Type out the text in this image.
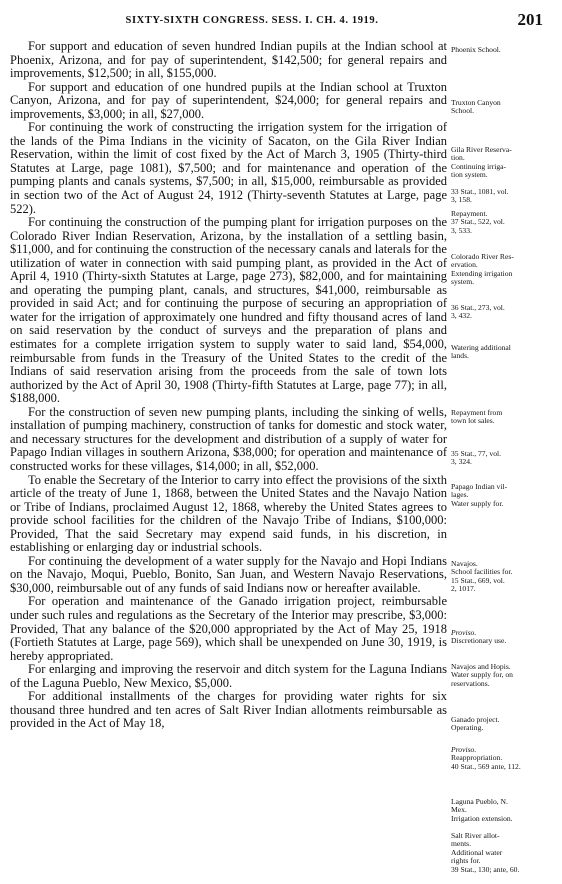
SIXTY-SIXTH CONGRESS. SESS. I. CH. 4. 1919.	201

For support and education of seven hundred Indian pupils at the Indian school at Phoenix, Arizona, and for pay of superintendent, $142,500; for general repairs and improvements, $12,500; in all, $155,000.

For support and education of one hundred pupils at the Indian school at Truxton Canyon, Arizona, and for pay of superintendent, $24,000; for general repairs and improvements, $3,000; in all, $27,000.

For continuing the work of constructing the irrigation system for the irrigation of the lands of the Pima Indians in the vicinity of Sacaton, on the Gila River Indian Reservation, within the limit of cost fixed by the Act of March 3, 1905 (Thirty-third Statutes at Large, page 1081), $7,500; and for maintenance and operation of the pumping plants and canals systems, $7,500; in all, $15,000, reimbursable as provided in section two of the Act of August 24, 1912 (Thirty-seventh Statutes at Large, page 522).

For continuing the construction of the pumping plant for irrigation purposes on the Colorado River Indian Reservation, Arizona, by the installation of a settling basin, $11,000, and for continuing the construction of the necessary canals and laterals for the utilization of water in connection with said pumping plant, as provided in the Act of April 4, 1910 (Thirty-sixth Statutes at Large, page 273), $82,000, and for maintaining and operating the pumping plant, canals, and structures, $41,000, reimbursable as provided in said Act; and for continuing the purpose of securing an appropriation of water for the irrigation of approximately one hundred and fifty thousand acres of land on said reservation by the conduct of surveys and the preparation of plans and estimates for a complete irrigation system to supply water to said land, $54,000, reimbursable from funds in the Treasury of the United States to the credit of the Indians of said reservation arising from the proceeds from the sale of town lots authorized by the Act of April 30, 1908 (Thirty-fifth Statutes at Large, page 77); in all, $188,000.

For the construction of seven new pumping plants, including the sinking of wells, installation of pumping machinery, construction of tanks for domestic and stock water, and necessary structures for the development and distribution of a supply of water for Papago Indian villages in southern Arizona, $38,000; for operation and maintenance of constructed works for these villages, $14,000; in all, $52,000.

To enable the Secretary of the Interior to carry into effect the provisions of the sixth article of the treaty of June 1, 1868, between the United States and the Navajo Nation or Tribe of Indians, proclaimed August 12, 1868, whereby the United States agrees to provide school facilities for the children of the Navajo Tribe of Indians, $100,000: Provided, That the said Secretary may expend said funds, in his discretion, in establishing or enlarging day or industrial schools.

For continuing the development of a water supply for the Navajo and Hopi Indians on the Navajo, Moqui, Pueblo, Bonito, San Juan, and Western Navajo Reservations, $30,000, reimbursable out of any funds of said Indians now or hereafter available.

For operation and maintenance of the Ganado irrigation project, reimbursable under such rules and regulations as the Secretary of the Interior may prescribe, $3,000: Provided, That any balance of the $20,000 appropriated by the Act of May 25, 1918 (Fortieth Statutes at Large, page 569), which shall be unexpended on June 30, 1919, is hereby appropriated.

For enlarging and improving the reservoir and ditch system for the Laguna Indians of the Laguna Pueblo, New Mexico, $5,000.

For additional installments of the charges for providing water rights for six thousand three hundred and ten acres of Salt River Indian allotments reimbursable as provided in the Act of May 18,

Phoenix School.
Truxton Canyon
School.
Gila River Reserva-
tion.
Continuing irriga-
tion system.
33 Stat., 1081, vol.
3, 158.
Repayment.
37 Stat., 522, vol.
3, 533.
Colorado River Res-
ervation.
Extending irrigation
system.
36 Stat., 273, vol.
3, 432.
Watering additional
lands.
Repayment from
town lot sales.
35 Stat., 77, vol.
3, 324.
Papago Indian vil-
lages.
Water supply for.
Navajos.
School facilities for.
15 Stat., 669, vol.
2, 1017.
Proviso.
Discretionary use.
Navajos and Hopis.
Water supply for, on
reservations.
Ganado project.
Operating.
Proviso.
Reappropriation.
40 Stat., 569 ante, 112.
Laguna Pueblo, N.
Mex.
Irrigation extension.
Salt River allot-
ments.
Additional water
rights for.
39 Stat., 130; ante, 60.
